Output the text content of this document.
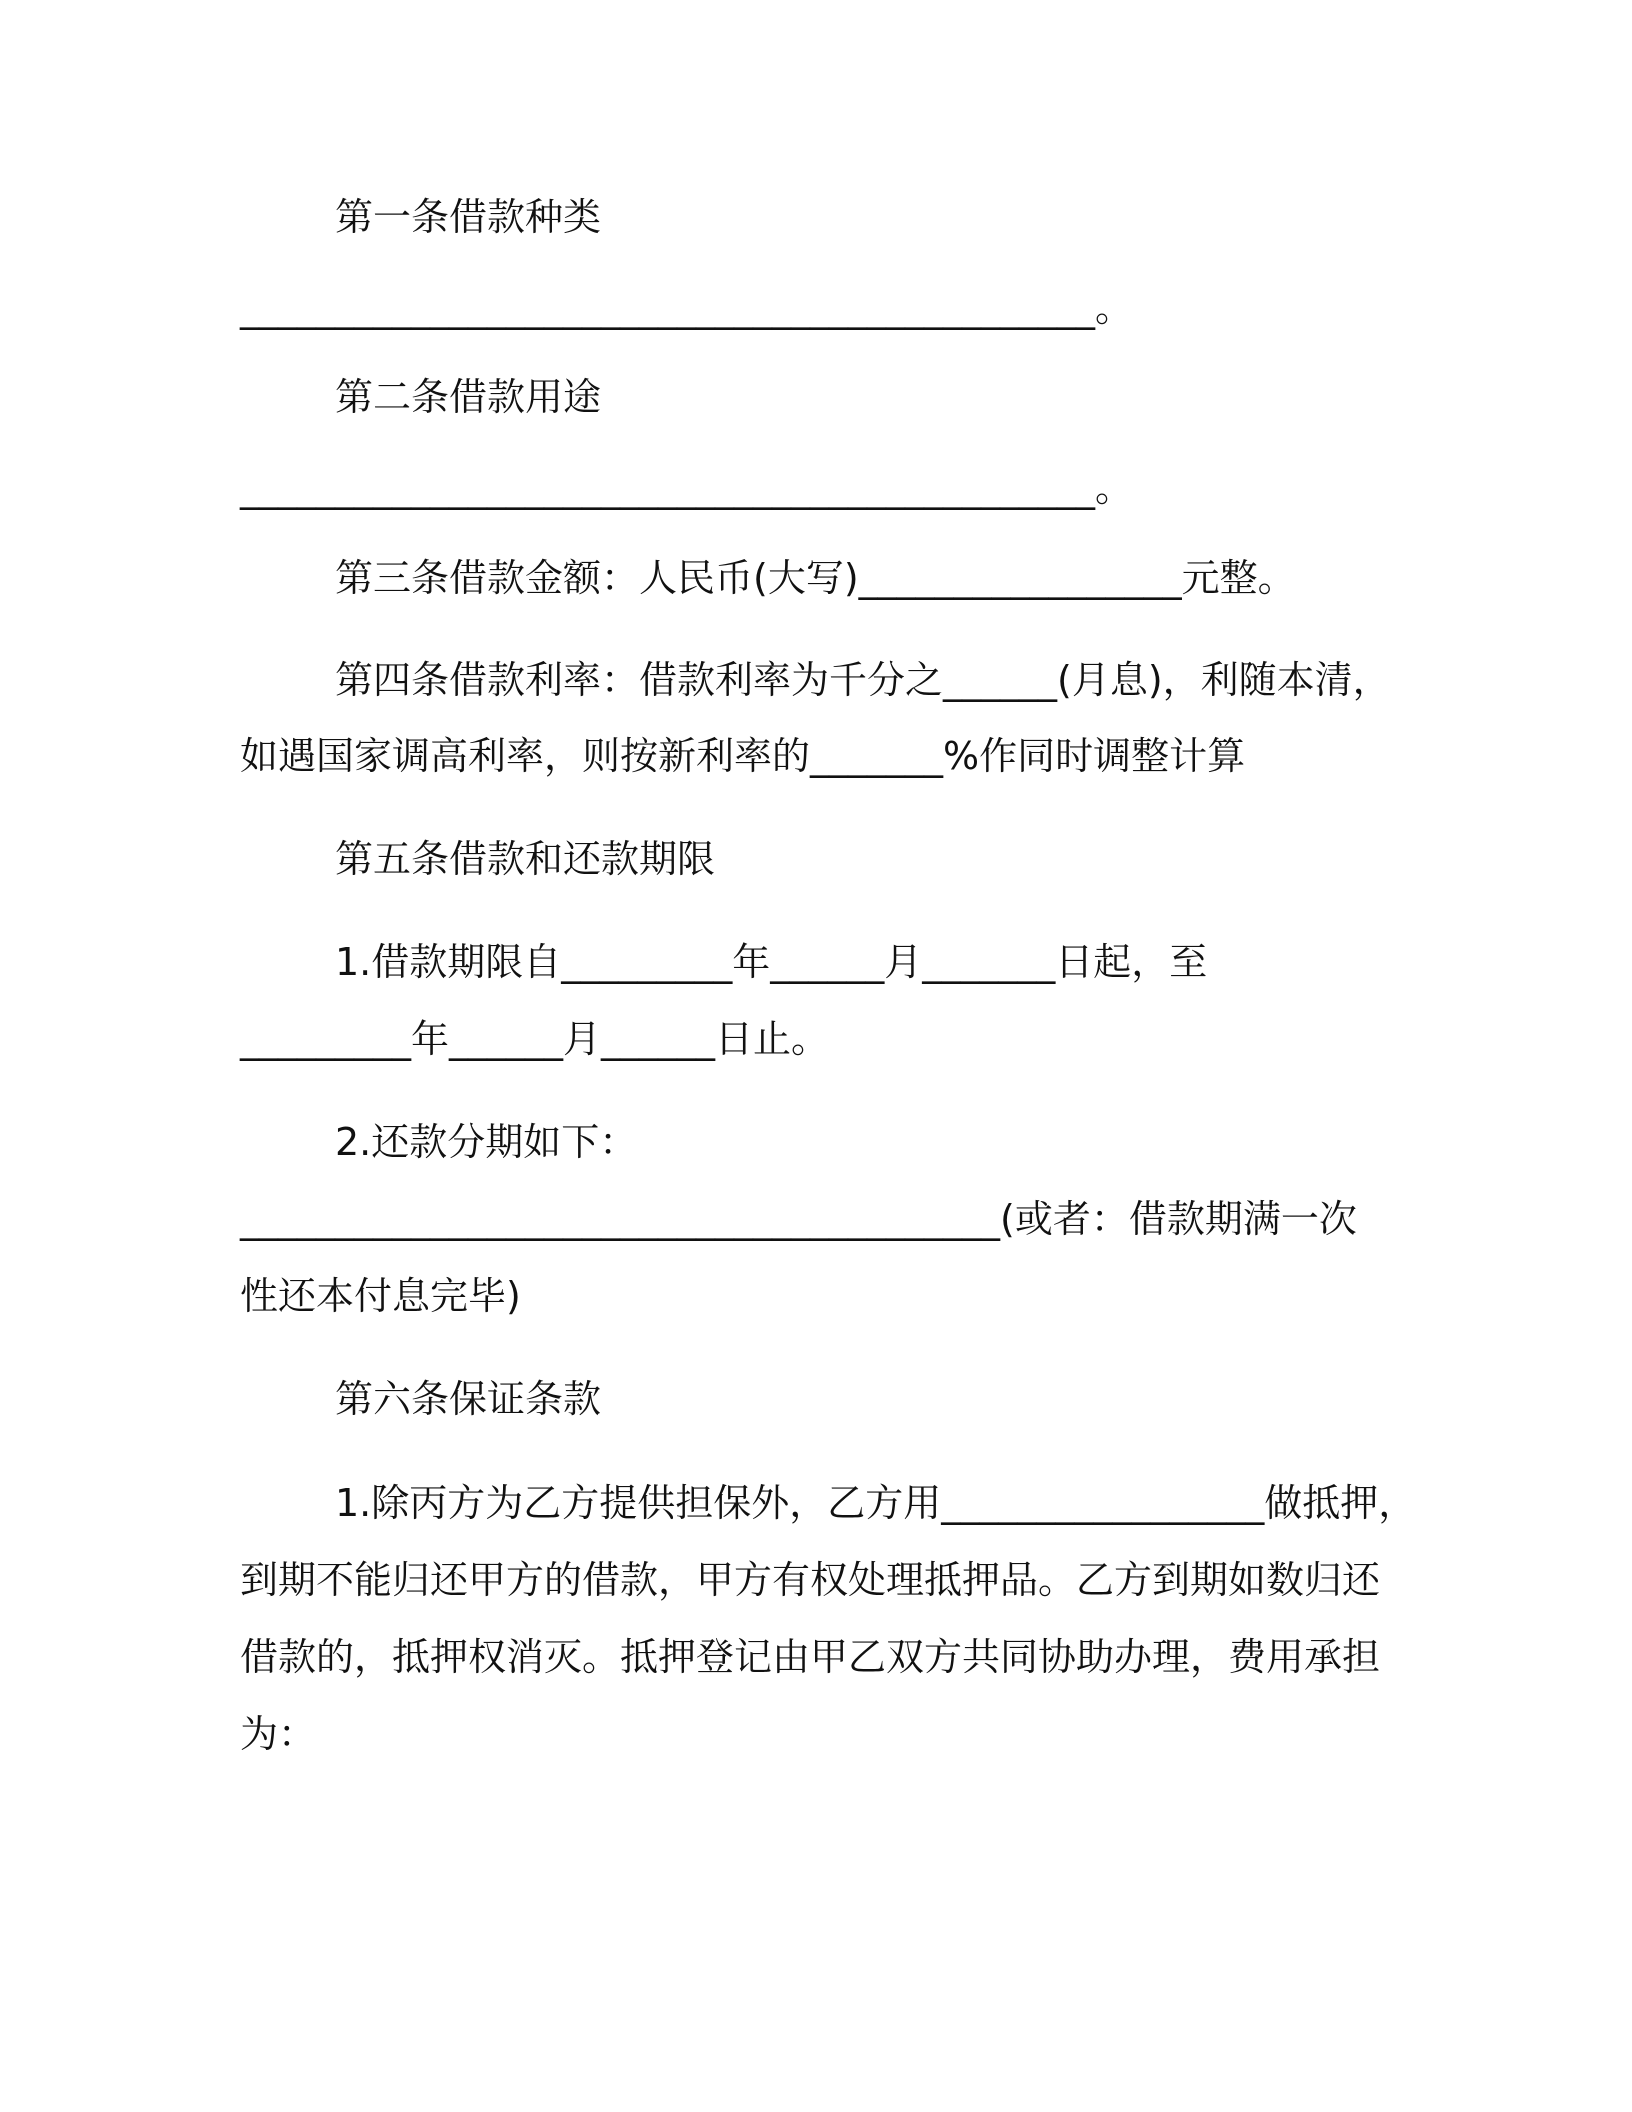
第一条借款种类
_____________________________________________。
第二条借款用途
_____________________________________________。
第三条借款金额：人民币(大写)_________________元整。
第四条借款利率：借款利率为千分之______(月息)，利随本清，
如遇国家调高利率，则按新利率的_______%作同时调整计算
第五条借款和还款期限
1.借款期限自_________年______月_______日起，至
_________年______月______日止。
2.还款分期如下：
________________________________________(或者：借款期满一次
性还本付息完毕)
第六条保证条款
1.除丙方为乙方提供担保外，乙方用_________________做抵押，
到期不能归还甲方的借款，甲方有权处理抵押品。乙方到期如数归还
借款的，抵押权消灭。抵押登记由甲乙双方共同协助办理，费用承担
为：
